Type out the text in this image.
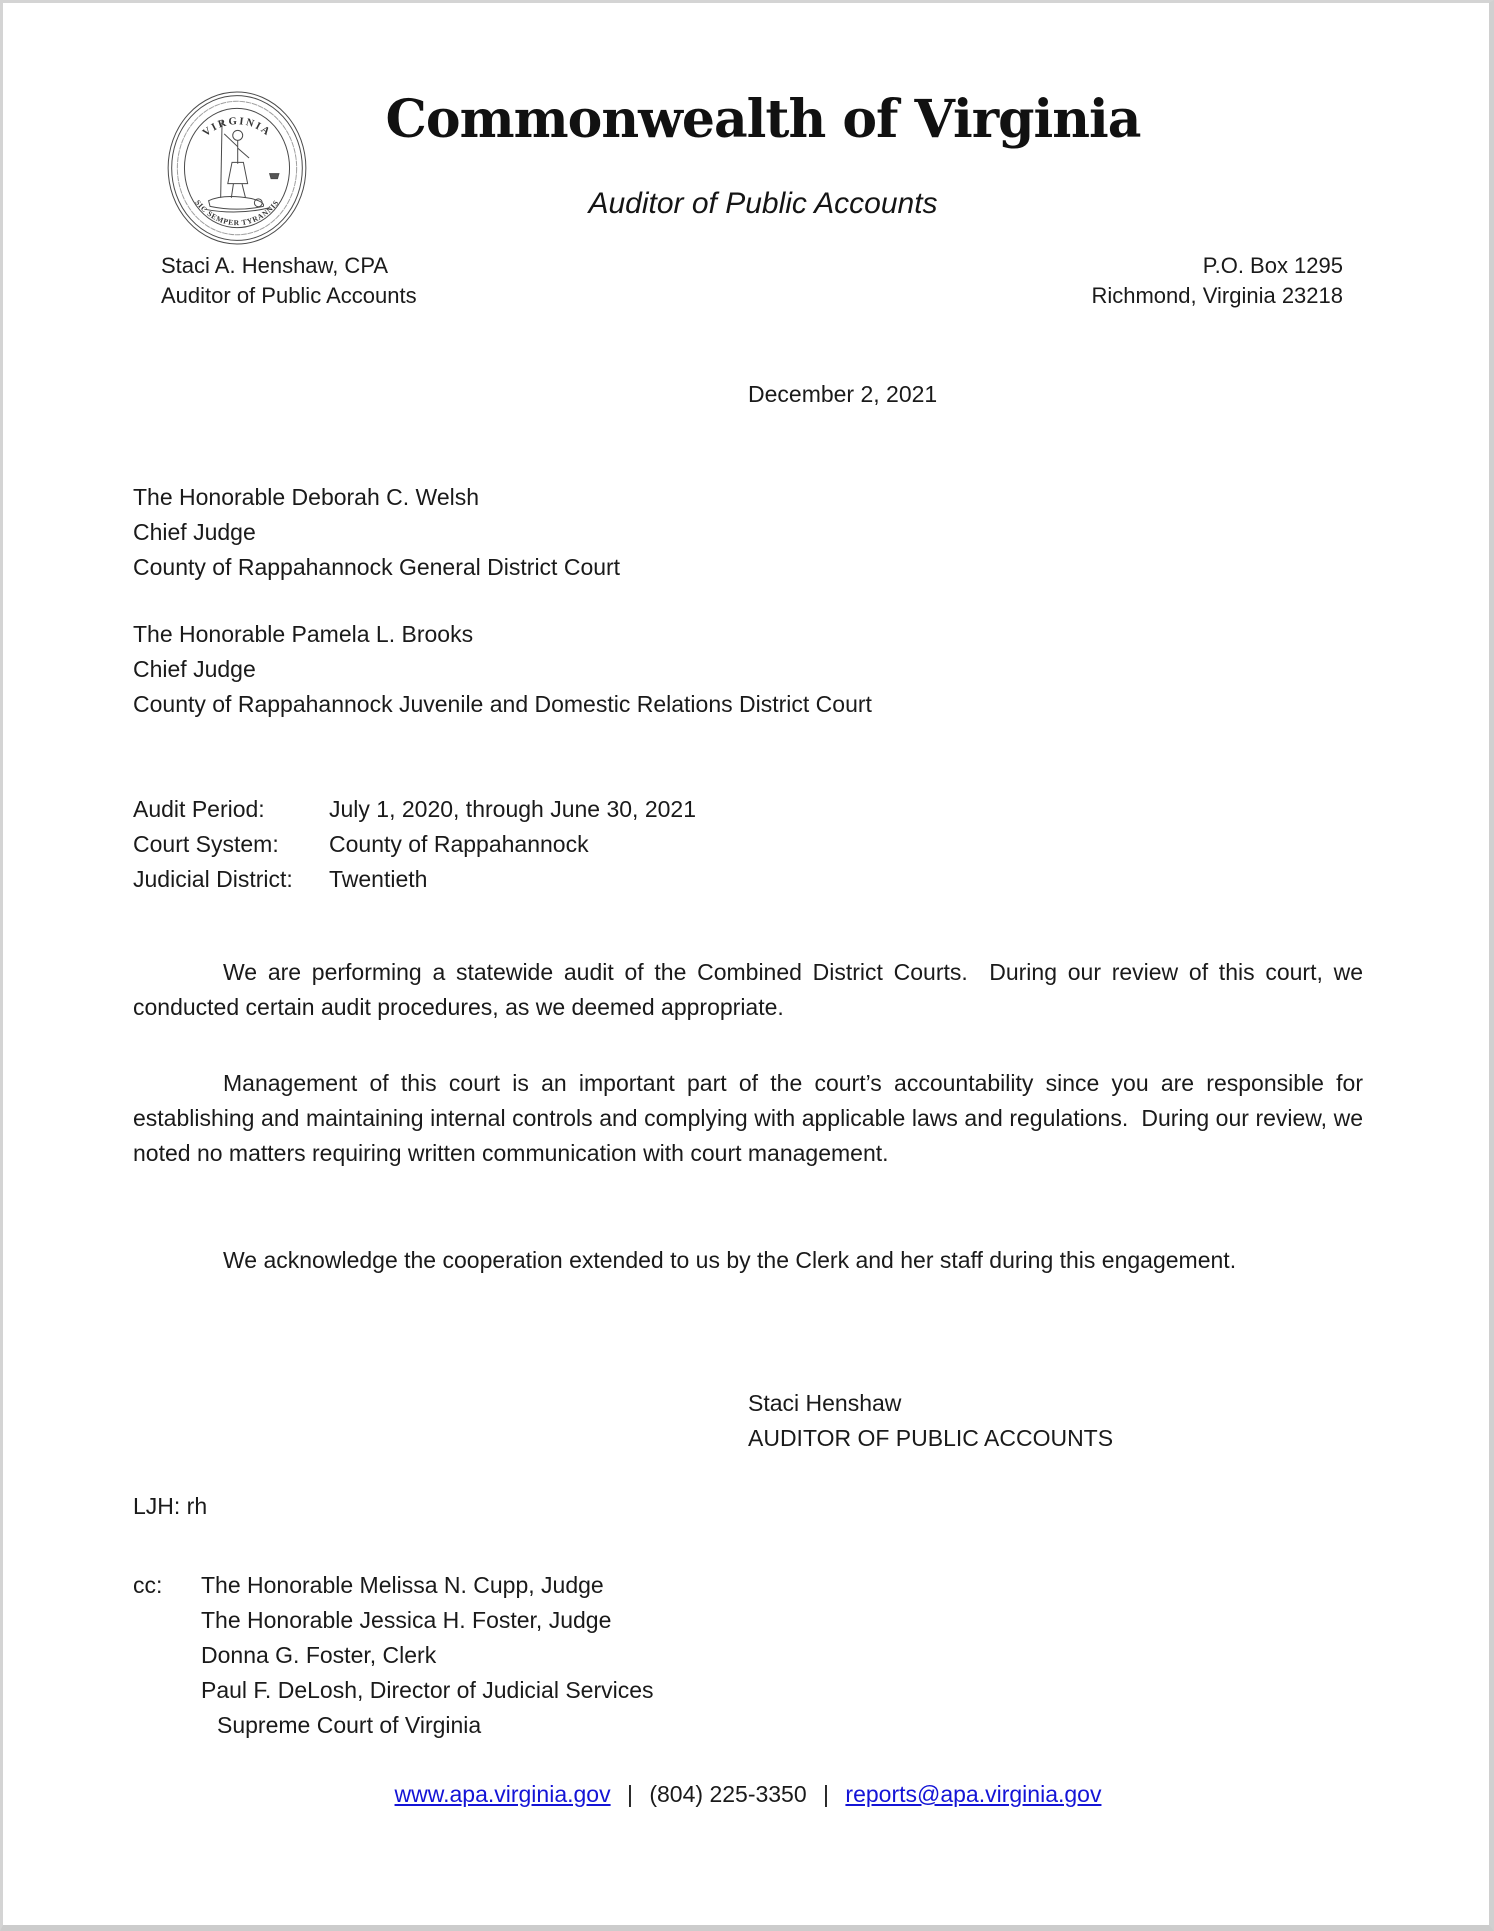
VIRGINIA
SIC SEMPER TYRANNIS
Commonwealth of Virginia
Auditor of Public Accounts
Staci A. Henshaw, CPA
Auditor of Public Accounts
P.O. Box 1295
Richmond, Virginia 23218
December 2, 2021
The Honorable Deborah C. Welsh
Chief Judge
County of Rappahannock General District Court
The Honorable Pamela L. Brooks
Chief Judge
County of Rappahannock Juvenile and Domestic Relations District Court
Audit Period:	July 1, 2020, through June 30, 2021
Court System:	County of Rappahannock
Judicial District:	Twentieth

We are performing a statewide audit of the Combined District Courts.  During our review of this court, we conducted certain audit procedures, as we deemed appropriate.

Management of this court is an important part of the court’s accountability since you are responsible for establishing and maintaining internal controls and complying with applicable laws and regulations.  During our review, we noted no matters requiring written communication with court management.

We acknowledge the cooperation extended to us by the Clerk and her staff during this engagement.

Staci Henshaw
AUDITOR OF PUBLIC ACCOUNTS
LJH: rh
cc:	The Honorable Melissa N. Cupp, Judge
The Honorable Jessica H. Foster, Judge
Donna G. Foster, Clerk
Paul F. DeLosh, Director of Judicial Services
Supreme Court of Virginia
www.apa.virginia.gov | (804) 225-3350 | reports@apa.virginia.gov
